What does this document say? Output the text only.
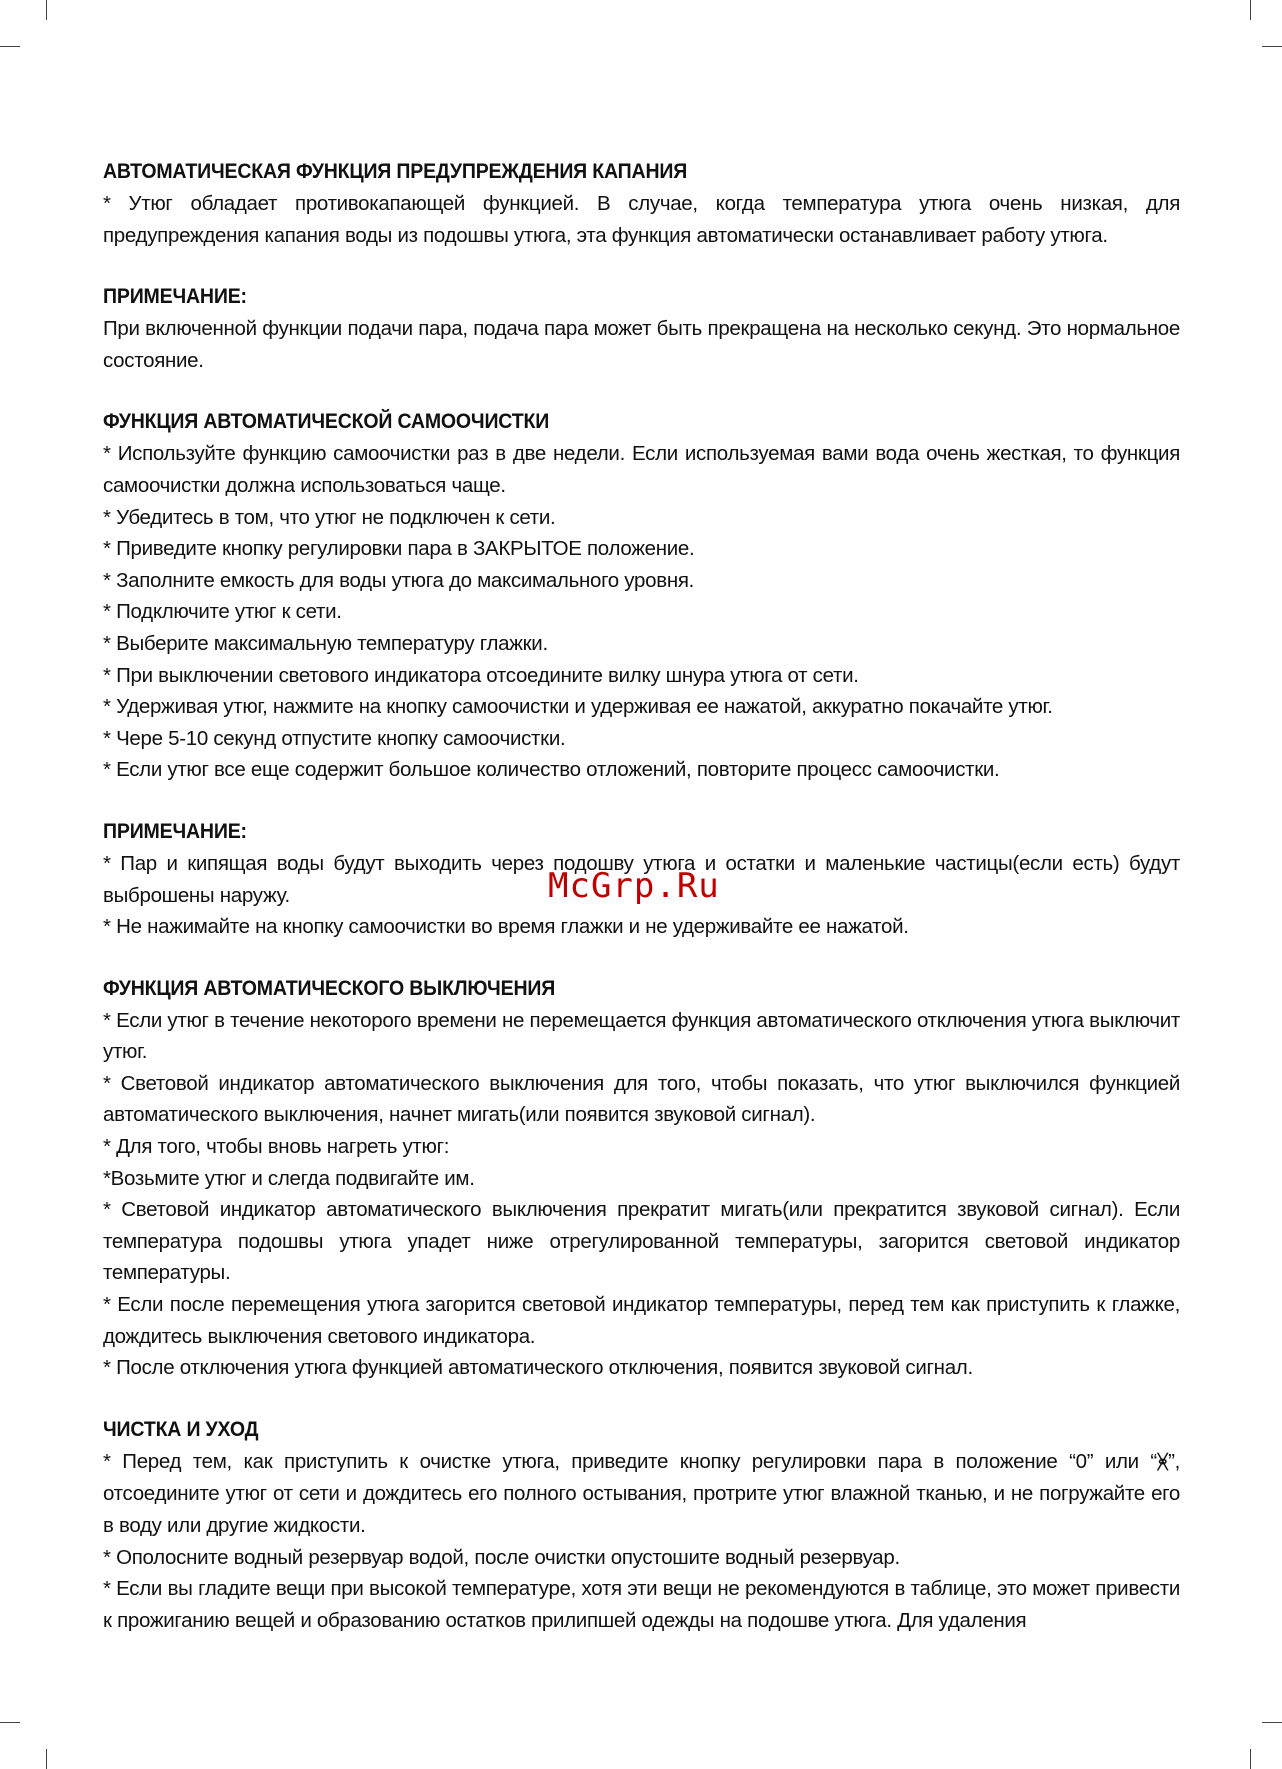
АВТОМАТИЧЕСКАЯ ФУНКЦИЯ ПРЕДУПРЕЖДЕНИЯ КАПАНИЯ

* Утюг обладает противокапающей функцией. В случае, когда температура утюга очень низкая, для предупреждения капания воды из подошвы утюга, эта функция автоматически останавливает работу утюга.

ПРИМЕЧАНИЕ:

При включенной функции подачи пара, подача пара может быть прекращена на несколько секунд. Это нормальное состояние.

ФУНКЦИЯ АВТОМАТИЧЕСКОЙ САМООЧИСТКИ

* Используйте функцию самоочистки раз в две недели. Если используемая вами вода очень жесткая, то функция самоочистки должна использоваться чаще.

* Убедитесь в том, что утюг не подключен к сети.

* Приведите кнопку регулировки пара в ЗАКРЫТОЕ положение.

* Заполните емкость для воды утюга до максимального уровня.

* Подключите утюг к сети.

* Выберите максимальную температуру глажки.

* При выключении светового индикатора отсоедините вилку шнура утюга от сети.

* Удерживая утюг, нажмите на кнопку самоочистки и удерживая ее нажатой, аккуратно покачайте утюг.

* Чере 5-10 секунд отпустите кнопку самоочистки.

* Если утюг все еще содержит большое количество отложений, повторите процесс самоочистки.

ПРИМЕЧАНИЕ:

* Пар и кипящая воды будут выходить через подошву утюга и остатки и маленькие частицы(если есть) будут выброшены наружу.

* Не нажимайте на кнопку самоочистки во время глажки и не удерживайте ее нажатой.

ФУНКЦИЯ АВТОМАТИЧЕСКОГО ВЫКЛЮЧЕНИЯ

* Если утюг в течение некоторого времени не перемещается функция автоматического отключения утюга выключит утюг.

* Световой индикатор автоматического выключения для того, чтобы показать, что утюг выключился функцией автоматического выключения, начнет мигать(или появится звуковой сигнал).

* Для того, чтобы вновь нагреть утюг:

*Возьмите утюг и слегда подвигайте им.

* Световой индикатор автоматического выключения прекратит мигать(или прекратится звуковой сигнал). Если температура подошвы утюга упадет ниже отрегулированной температуры, загорится световой индикатор температуры.

* Если после перемещения утюга загорится световой индикатор температуры, перед тем как приступить к глажке, дождитесь выключения светового индикатора.

* После отключения утюга функцией автоматического отключения, появится звуковой сигнал.

ЧИСТКА И УХОД

* Перед тем, как приступить к очистке утюга, приведите кнопку регулировки пара в положение “0” или “ᚸ”, отсоедините утюг от сети и дождитесь его полного остывания, протрите утюг влажной тканью, и не погружайте его в воду или другие жидкости.

* Ополосните водный резервуар водой, после очистки опустошите водный резервуар.

* Если вы гладите вещи при высокой температуре, хотя эти вещи не рекомендуются в таблице, это может привести к прожиганию вещей и образованию остатков прилипшей одежды на подошве утюга. Для удаления

McGrp.Ru
